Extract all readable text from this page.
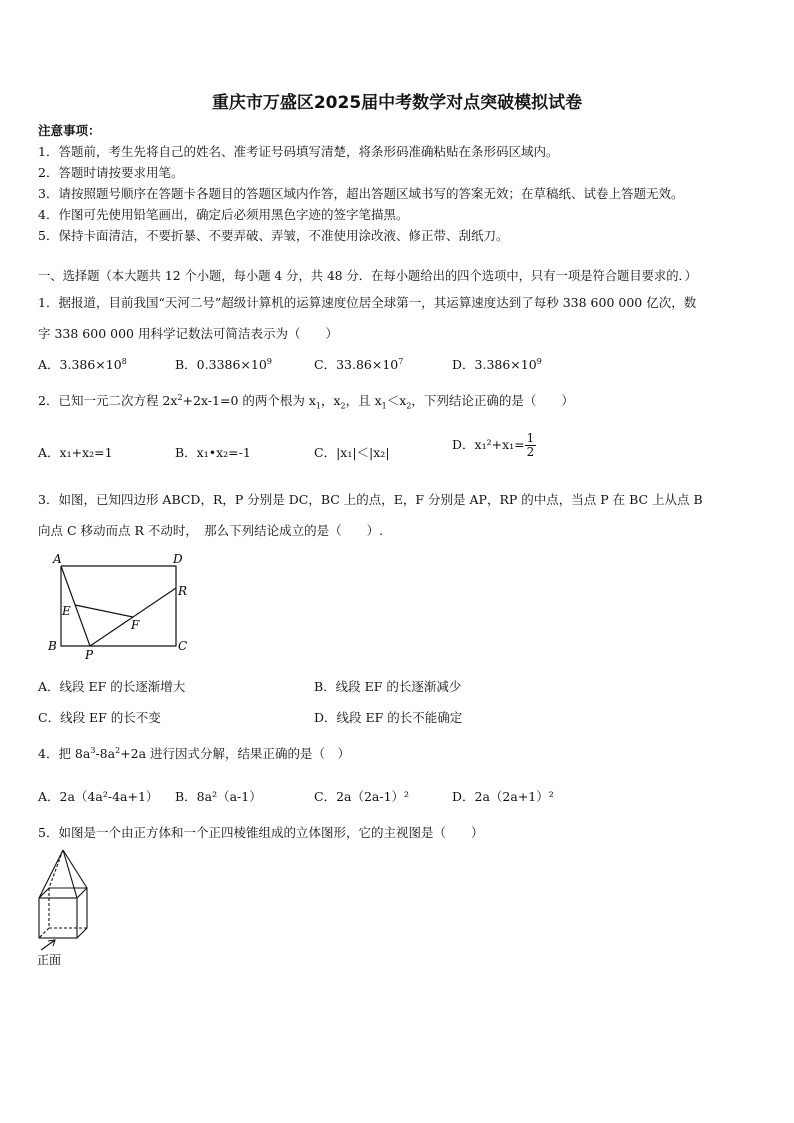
重庆市万盛区2025届中考数学对点突破模拟试卷
注意事项：
1．答题前，考生先将自己的姓名、准考证号码填写清楚，将条形码准确粘贴在条形码区域内。
2．答题时请按要求用笔。
3．请按照题号顺序在答题卡各题目的答题区域内作答，超出答题区域书写的答案无效；在草稿纸、试卷上答题无效。
4．作图可先使用铅笔画出，确定后必须用黑色字迹的签字笔描黑。
5．保持卡面清洁，不要折暴、不要弄破、弄皱，不准使用涂改液、修正带、刮纸刀。
一、选择题（本大题共 12 个小题，每小题 4 分，共 48 分．在每小题给出的四个选项中，只有一项是符合题目要求的．）
1．据报道，目前我国“天河二号”超级计算机的运算速度位居全球第一，其运算速度达到了每秒 338 600 000 亿次，数
字 338 600 000 用科学记数法可简洁表示为（　　）
A．$3.386\times 10^8$	B．$0.3386\times 10^9$	C．$33.86\times 10^7$	D．$3.386\times 10^9$
2．已知一元二次方程 $2x^2+2x-1=0$ 的两个根为 $x_1$，$x_2$，且 $x_1<x_2$，下列结论正确的是（　　）
A．x₁+x₂=1	B．x₁•x₂=-1	C．|x₁|＜|x₂|
D．$x_1^2+x_1= \frac{1}{2}$
3．如图，已知四边形 ABCD，R，P 分别是 DC，BC 上的点，E，F 分别是 AP，RP 的中点，当点 P 在 BC 上从点 B
向点 C 移动而点 R 不动时，　那么下列结论成立的是（　　）.
A	D
E
R
F
B
P
C
A．线段 EF 的长逐渐增大	B．线段 EF 的长逐渐减少
C．线段 EF 的长不变	D．线段 EF 的长不能确定
4．把 $8a^3-8a^2+2a$ 进行因式分解，结果正确的是（　）
A．2a（4a²-4a+1） B．8a²（a-1）	C．2a（2a-1）²	D．2a（2a+1）²
5．如图是一个由正方体和一个正四棱锥组成的立体图形，它的主视图是（　　）
正面
